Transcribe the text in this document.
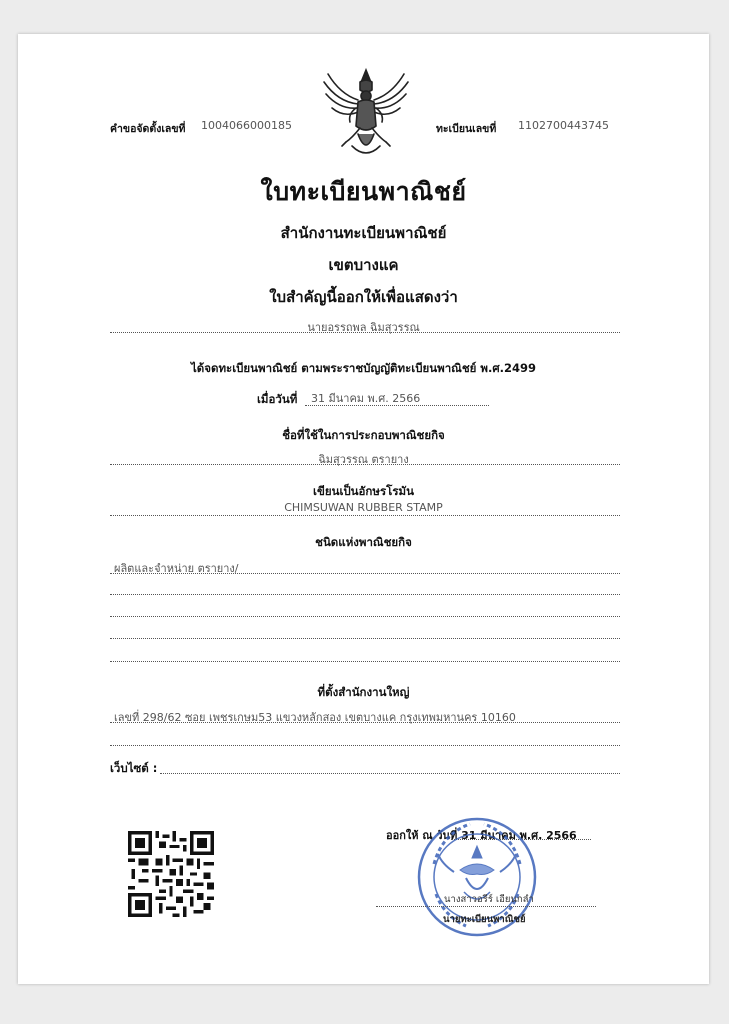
คำขอจัดตั้งเลขที่ 1004066000185	ทะเบียนเลขที่ 1102700443745
ใบทะเบียนพาณิชย์
สำนักงานทะเบียนพาณิชย์
เขตบางแค
ใบสำคัญนี้ออกให้เพื่อแสดงว่า
นายอรรถพล ฉิมสุวรรณ
ได้จดทะเบียนพาณิชย์ ตามพระราชบัญญัติทะเบียนพาณิชย์ พ.ศ.2499
เมื่อวันที่ 31 มีนาคม พ.ศ. 2566
ชื่อที่ใช้ในการประกอบพาณิชยกิจ
ฉิมสุวรรณ ตรายาง
เขียนเป็นอักษรโรมัน
CHIMSUWAN RUBBER STAMP
ชนิดแห่งพาณิชยกิจ
ผลิตและจำหน่าย ตรายาง/
ที่ตั้งสำนักงานใหญ่
เลขที่ 298/62 ซอย เพชรเกษม53 แขวงหลักสอง เขตบางแค กรุงเทพมหานคร 10160
เว็บไซต์ :
ออกให้ ณ วันที่ 31 มีนาคม พ.ศ. 2566
นางสาวอรีร์ เอียนกลำ
นายทะเบียนพาณิชย์
